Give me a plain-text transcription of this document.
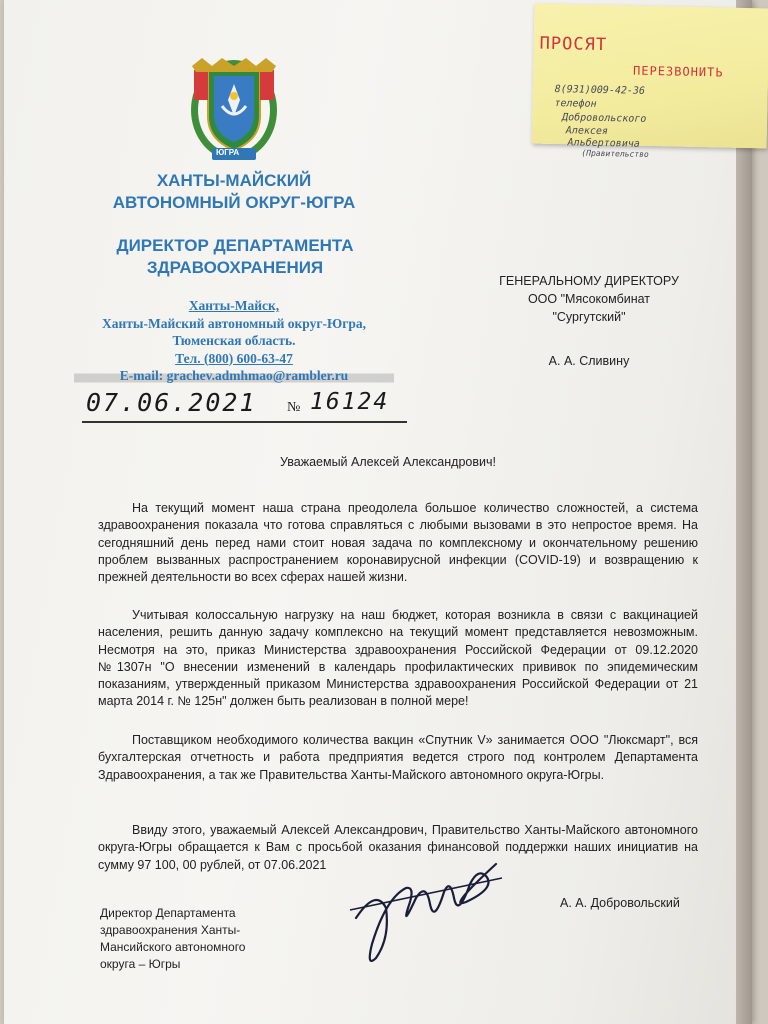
ЮГРА
ХАНТЫ-МАЙСКИЙ
АВТОНОМНЫЙ ОКРУГ-ЮГРА
ДИРЕКТОР ДЕПАРТАМЕНТА
ЗДРАВООХРАНЕНИЯ
Ханты-Майск,
Ханты-Мaйский автономный округ-Югра,
Тюменская область.
Тел. (800) 600-63-47
E-mail: grachev.admhmao@rambler.ru
ГЕНЕРАЛЬНОМУ ДИРЕКТОРУ
ООО "Мясокомбинат
"Сургутский"
А. А. Сливину
07.06.2021 № 16124
Уважаемый Алексей Александрович!
На текущий момент наша страна преодолела большое количество сложностей, а система здравоохранения показала что готова справляться с любыми вызовами в это непростое время. На сегодняшний день перед нами стоит новая задача по комплексному и окончательному решению проблем вызванных распространением коронавирусной инфекции (COVID-19) и возвращению к прежней деятельности во всех сферах нашей жизни.
Учитывая колоссальную нагрузку на наш бюджет, которая возникла в связи с вакцинацией населения, решить данную задачу комплексно на текущий момент представляется невозможным. Несмотря на это, приказ Министерства здравоохранения Российской Федерации от 09.12.2020 №1307н "О внесении изменений в календарь профилактических прививок по эпидемическим показаниям, утвержденный приказом Министерства здравоохранения Российской Федерации от 21 марта 2014 г. № 125н" должен быть реализован в полной мере!
Поставщиком необходимого количества вакцин «Спутник V» занимается ООО "Люксмарт", вся бухгалтерская отчетность и работа предприятия ведется строго под контролем Департамента Здравоохранения, а так же Правительства Ханты-Майского автономного округа-Югры.
Ввиду этого, уважаемый Алексей Александрович, Правительство Ханты-Майского автономного округа-Югры обращается к Вам с просьбой оказания финансовой поддержки наших инициатив на сумму 97 100, 00 рублей, от 07.06.2021
Директор Департамента здравоохранения Ханты-Мансийского автономного округа – Югры
А. А. Добровольский
ПРОСЯТ
ПЕРЕЗВОНИТЬ
8(931)009-42-36
телефон
Добровольского
Алексея
Альбертовича
(Правительство
